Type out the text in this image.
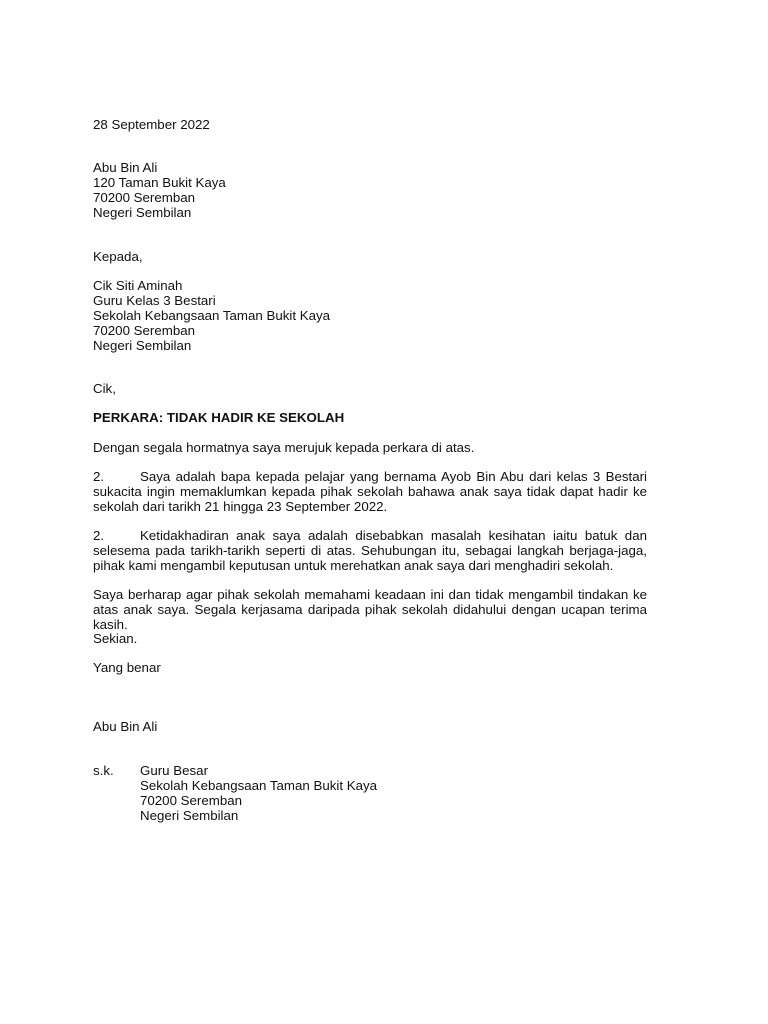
28 September 2022
Abu Bin Ali
120 Taman Bukit Kaya
70200 Seremban
Negeri Sembilan
Kepada,
Cik Siti Aminah
Guru Kelas 3 Bestari
Sekolah Kebangsaan Taman Bukit Kaya
70200 Seremban
Negeri Sembilan
Cik,
PERKARA: TIDAK HADIR KE SEKOLAH
Dengan segala hormatnya saya merujuk kepada perkara di atas.
2.	Saya adalah bapa kepada pelajar yang bernama Ayob Bin Abu dari kelas 3 Bestari sukacita ingin memaklumkan kepada pihak sekolah bahawa anak saya tidak dapat hadir ke sekolah dari tarikh 21 hingga 23 September 2022.
2.	Ketidakhadiran anak saya adalah disebabkan masalah kesihatan iaitu batuk dan selesema pada tarikh-tarikh seperti di atas. Sehubungan itu, sebagai langkah berjaga-jaga, pihak kami mengambil keputusan untuk merehatkan anak saya dari menghadiri sekolah.
Saya berharap agar pihak sekolah memahami keadaan ini dan tidak mengambil tindakan ke atas anak saya. Segala kerjasama daripada pihak sekolah didahului dengan ucapan terima kasih.
Sekian.
Yang benar
Abu Bin Ali
s.k. Guru Besar
Sekolah Kebangsaan Taman Bukit Kaya
70200 Seremban
Negeri Sembilan
